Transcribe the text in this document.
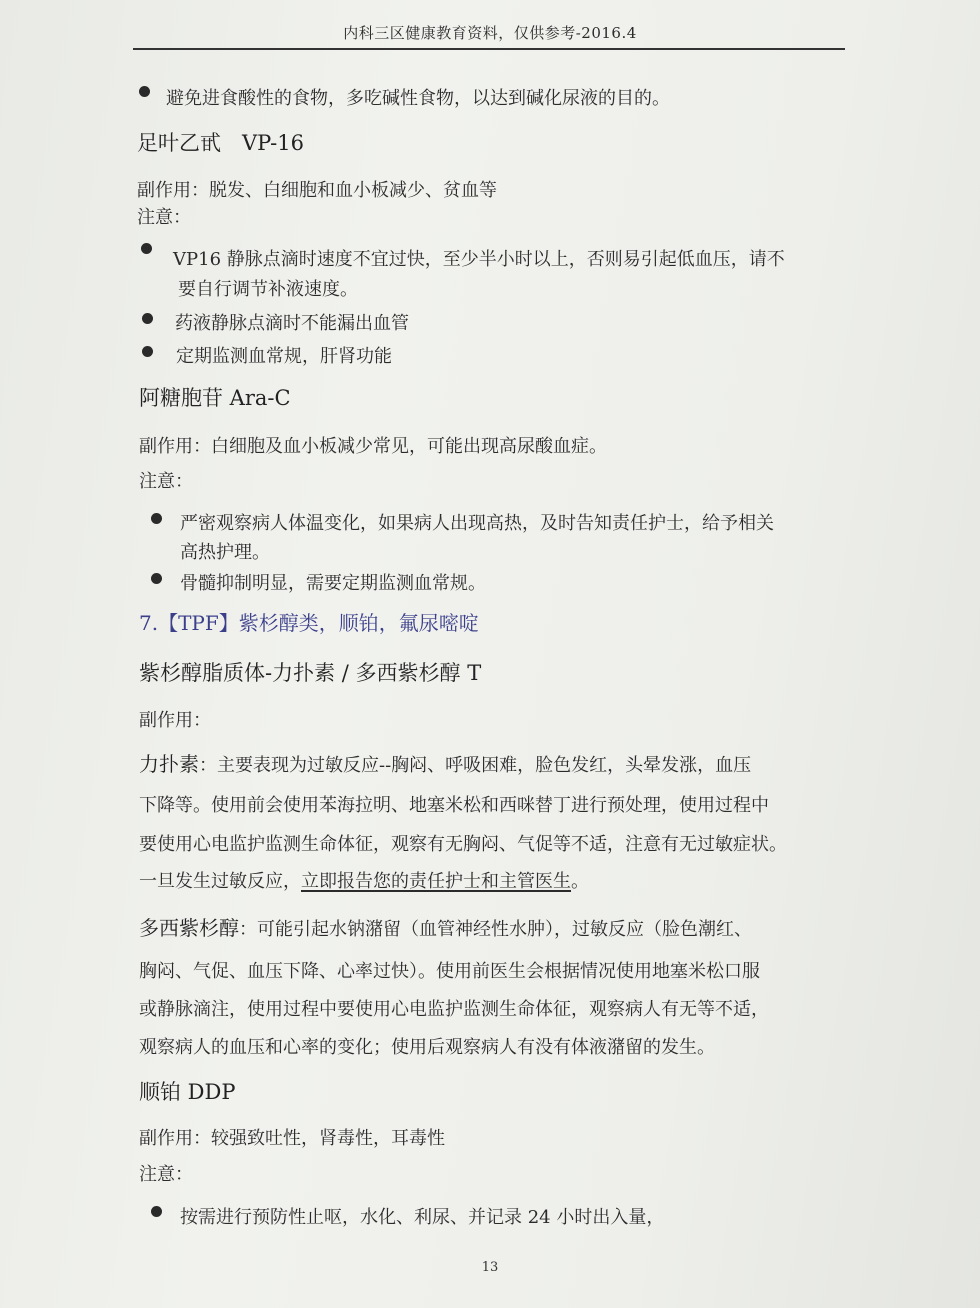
内科三区健康教育资料，仅供参考-2016.4
避免进食酸性的食物，多吃碱性食物，以达到碱化尿液的目的。
足叶乙甙　VP-16
副作用：脱发、白细胞和血小板减少、贫血等
注意：
VP16 静脉点滴时速度不宜过快，至少半小时以上，否则易引起低血压，请不
要自行调节补液速度。
药液静脉点滴时不能漏出血管
定期监测血常规，肝肾功能
阿糖胞苷 Ara-C
副作用：白细胞及血小板减少常见，可能出现高尿酸血症。
注意：
严密观察病人体温变化，如果病人出现高热，及时告知责任护士，给予相关
高热护理。
骨髓抑制明显，需要定期监测血常规。
7.【TPF】紫杉醇类，顺铂，氟尿嘧啶
紫杉醇脂质体-力扑素 / 多西紫杉醇 T
副作用：
力扑素：主要表现为过敏反应--胸闷、呼吸困难，脸色发红，头晕发涨，血压
下降等。使用前会使用苯海拉明、地塞米松和西咪替丁进行预处理，使用过程中
要使用心电监护监测生命体征，观察有无胸闷、气促等不适，注意有无过敏症状。
一旦发生过敏反应，立即报告您的责任护士和主管医生。
多西紫杉醇：可能引起水钠潴留（血管神经性水肿），过敏反应（脸色潮红、
胸闷、气促、血压下降、心率过快）。使用前医生会根据情况使用地塞米松口服
或静脉滴注，使用过程中要使用心电监护监测生命体征，观察病人有无等不适，
观察病人的血压和心率的变化；使用后观察病人有没有体液潴留的发生。
顺铂 DDP
副作用：较强致吐性，肾毒性，耳毒性
注意：
按需进行预防性止呕，水化、利尿、并记录 24 小时出入量，
13
